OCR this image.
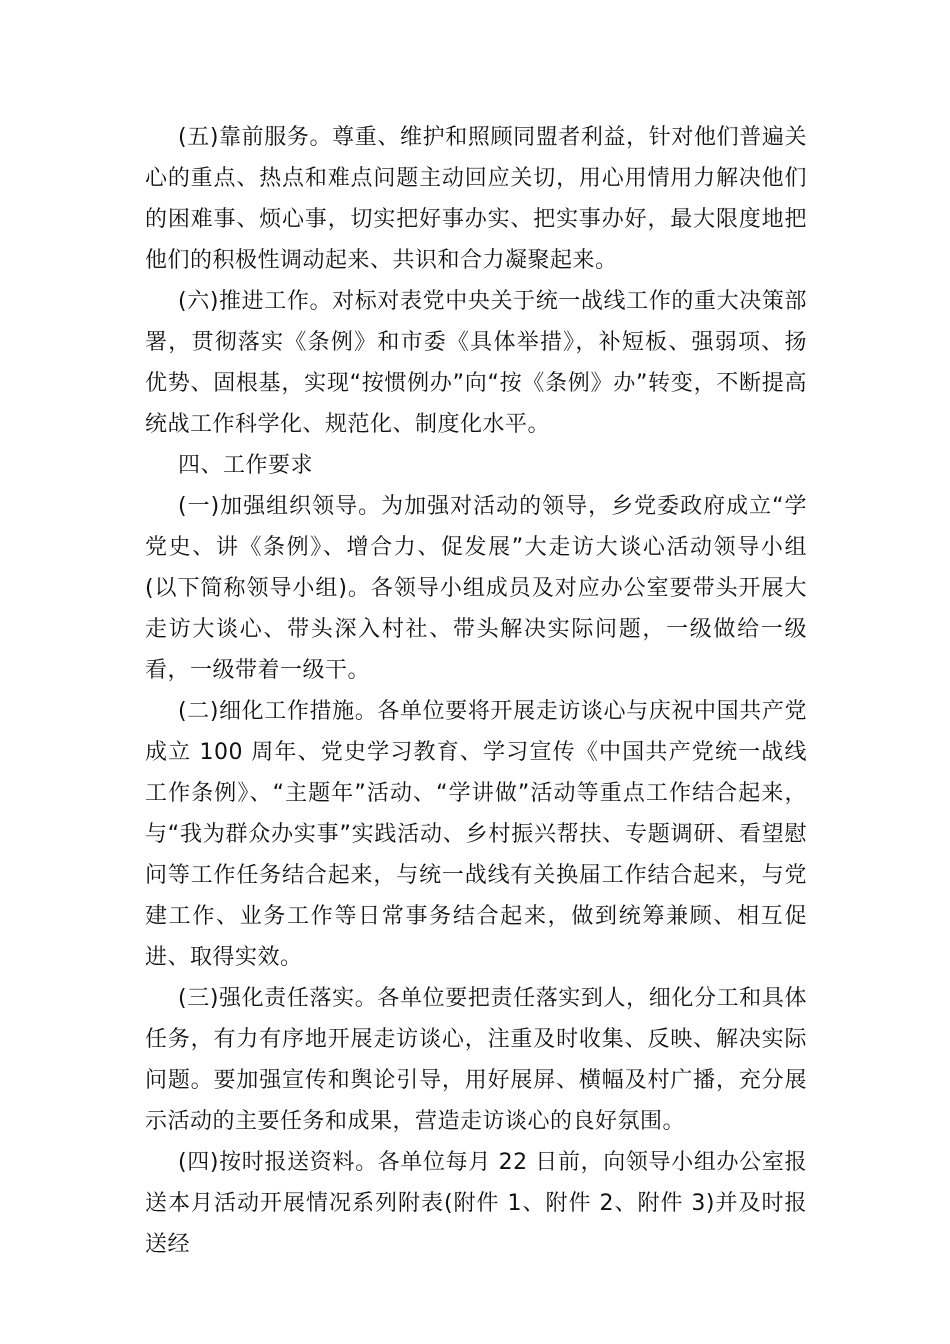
(五)靠前服务。尊重、维护和照顾同盟者利益，针对他们普遍关心的重点、热点和难点问题主动回应关切，用心用情用力解决他们的困难事、烦心事，切实把好事办实、把实事办好，最大限度地把他们的积极性调动起来、共识和合力凝聚起来。

(六)推进工作。对标对表党中央关于统一战线工作的重大决策部署，贯彻落实《条例》和市委《具体举措》，补短板、强弱项、扬优势、固根基，实现“按惯例办”向“按《条例》办”转变，不断提高统战工作科学化、规范化、制度化水平。

四、工作要求

(一)加强组织领导。为加强对活动的领导，乡党委政府成立“学党史、讲《条例》、增合力、促发展”大走访大谈心活动领导小组(以下简称领导小组)。各领导小组成员及对应办公室要带头开展大走访大谈心、带头深入村社、带头解决实际问题，一级做给一级看，一级带着一级干。

(二)细化工作措施。各单位要将开展走访谈心与庆祝中国共产党成立 100 周年、党史学习教育、学习宣传《中国共产党统一战线工作条例》、“主题年”活动、“学讲做”活动等重点工作结合起来，与“我为群众办实事”实践活动、乡村振兴帮扶、专题调研、看望慰问等工作任务结合起来，与统一战线有关换届工作结合起来，与党建工作、业务工作等日常事务结合起来，做到统筹兼顾、相互促进、取得实效。

(三)强化责任落实。各单位要把责任落实到人，细化分工和具体任务，有力有序地开展走访谈心，注重及时收集、反映、解决实际问题。要加强宣传和舆论引导，用好展屏、横幅及村广播，充分展示活动的主要任务和成果，营造走访谈心的良好氛围。

(四)按时报送资料。各单位每月 22 日前，向领导小组办公室报送本月活动开展情况系列附表(附件 1、附件 2、附件 3)并及时报送经
